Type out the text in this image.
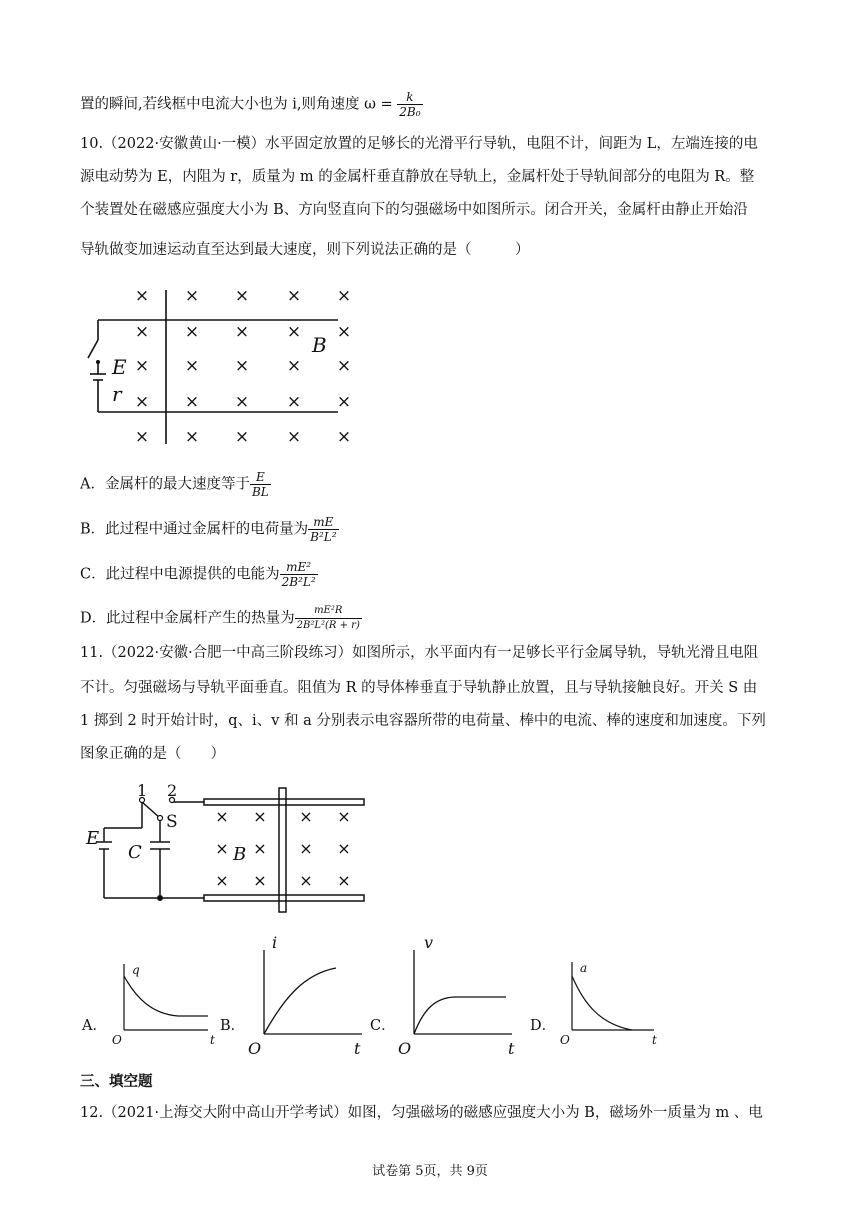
置的瞬间,若线框中电流大小也为 i,则角速度 $\omega = \frac{k}{\text{2B₀}}$
10.（2022·安徽黄山·一模）水平固定放置的足够长的光滑平行导轨，电阻不计，间距为 L，左端连接的电
源电动势为 E，内阻为 r，质量为 m 的金属杆垂直静放在导轨上，金属杆处于导轨间部分的电阻为 R。整
个装置处在磁感应强度大小为 B、方向竖直向下的匀强磁场中如图所示。闭合开关，金属杆由静止开始沿
导轨做变加速运动直至达到最大速度，则下列说法正确的是（　　　）
× × × × ×
× × × × ×
× × × × ×
× × × × ×
× × × × ×
E
r
B
A．金属杆的最大速度等于 $\frac{E}{BL}$
B．此过程中通过金属杆的电荷量为 $\frac{mE}{\text{B²L²}}$
C．此过程中电源提供的电能为 $\frac{\text{mE²}}{\text{2B²L²}}$
D．此过程中金属杆产生的热量为 $\frac{\text{mE²R}}{\text{2B²L²(R + r)}}$
11.（2022·安徽·合肥一中高三阶段练习）如图所示，水平面内有一足够长平行金属导轨，导轨光滑且电阻
不计。匀强磁场与导轨平面垂直。阻值为 R 的导体棒垂直于导轨静止放置，且与导轨接触良好。开关 S 由
1 掷到 2 时开始计时，q、i、v 和 a 分别表示电容器所带的电荷量、棒中的电流、棒的速度和加速度。下列
图象正确的是（　　）
× × × ×
× × × ×
× × × ×
1 2
S
E
C	B
A．
q
O	t
B．
i
O	t
C．
v
O	t
D．
a
O	t
三、填空题
12.（2021·上海交大附中高山开学考试）如图，匀强磁场的磁感应强度大小为 B，磁场外一质量为 m 、电
试卷第 5页，共 9页
